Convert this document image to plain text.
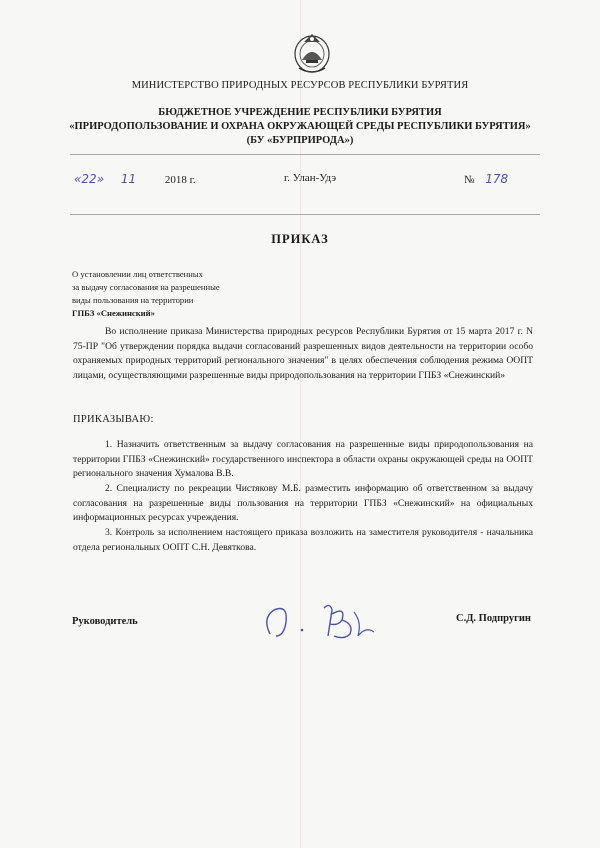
МИНИСТЕРСТВО ПРИРОДНЫХ РЕСУРСОВ РЕСПУБЛИКИ БУРЯТИЯ
БЮДЖЕТНОЕ УЧРЕЖДЕНИЕ РЕСПУБЛИКИ БУРЯТИЯ
«ПРИРОДОПОЛЬЗОВАНИЕ И ОХРАНА ОКРУЖАЮЩЕЙ СРЕДЫ РЕСПУБЛИКИ БУРЯТИЯ»
(БУ «БУРПРИРОДА»)
«22» 11	2018 г.	г. Улан-Удэ	№ 178
ПРИКАЗ
О установлении лиц ответственных
за выдачу согласования на разрешенные
виды пользования на территории
ГПБЗ «Снежинский»
Во исполнение приказа Министерства природных ресурсов Республики Бурятия от 15 марта 2017 г. N 75-ПР "Об утверждении порядка выдачи согласований разрешенных видов деятельности на территории особо охраняемых природных территорий регионального значения" в целях обеспечения соблюдения режима ООПТ лицами, осуществляющими разрешенные виды природопользования на территории ГПБЗ «Снежинский»
ПРИКАЗЫВАЮ:
1. Назначить ответственным за выдачу согласования на разрешенные виды природопользования на территории ГПБЗ «Снежинский» государственного инспектора в области охраны окружающей среды на ООПТ регионального значения Хумалова В.В.
2. Специалисту по рекреации Чистякову М.Б. разместить информацию об ответственном за выдачу согласования на разрешенные виды пользования на территории ГПБЗ «Снежинский» на официальных информационных ресурсах учреждения.
3. Контроль за исполнением настоящего приказа возложить на заместителя руководителя - начальника отдела региональных ООПТ С.Н. Девяткова.
Руководитель	С.Д. Подпругин
